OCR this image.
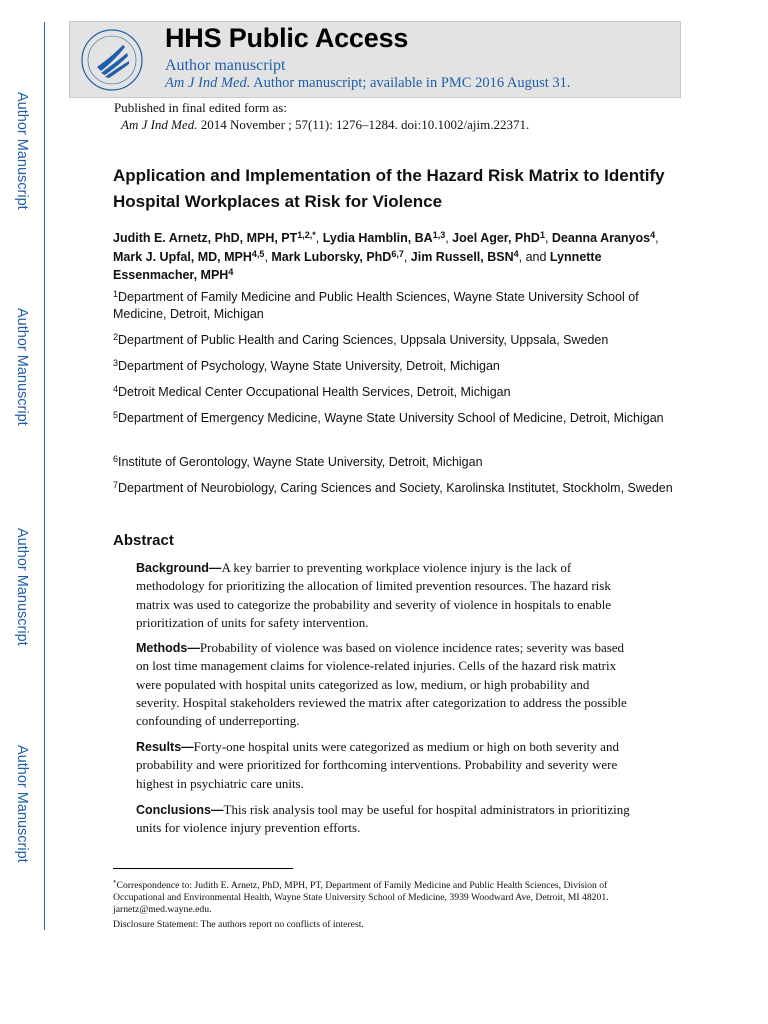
Author Manuscript
Author Manuscript
Author Manuscript
Author Manuscript
HHS Public Access
Author manuscript
Am J Ind Med. Author manuscript; available in PMC 2016 August 31.
Published in final edited form as:
Am J Ind Med. 2014 November ; 57(11): 1276–1284. doi:10.1002/ajim.22371.
Application and Implementation of the Hazard Risk Matrix to Identify Hospital Workplaces at Risk for Violence
Judith E. Arnetz, PhD, MPH, $PT^{1,2,*}$, Lydia Hamblin, BA$^{1,3}$, Joel Ager, PhD$^1$, Deanna Aranyos$^4$, Mark J. Upfal, MD, MPH$^{4,5}$, Mark Luborsky, PhD$^{6,7}$, Jim Russell, BSN$^4$, and Lynnette Essenmacher, MPH$^4$
$^1$Department of Family Medicine and Public Health Sciences, Wayne State University School of Medicine, Detroit, Michigan
$^2$Department of Public Health and Caring Sciences, Uppsala University, Uppsala, Sweden
$^3$Department of Psychology, Wayne State University, Detroit, Michigan
$^4$Detroit Medical Center Occupational Health Services, Detroit, Michigan
$^5$Department of Emergency Medicine, Wayne State University School of Medicine, Detroit, Michigan
$^6$Institute of Gerontology, Wayne State University, Detroit, Michigan
$^7$Department of Neurobiology, Caring Sciences and Society, Karolinska Institutet, Stockholm, Sweden
Abstract
Background—A key barrier to preventing workplace violence injury is the lack of methodology for prioritizing the allocation of limited prevention resources. The hazard risk matrix was used to categorize the probability and severity of violence in hospitals to enable prioritization of units for safety intervention.
Methods—Probability of violence was based on violence incidence rates; severity was based on lost time management claims for violence-related injuries. Cells of the hazard risk matrix were populated with hospital units categorized as low, medium, or high probability and severity. Hospital stakeholders reviewed the matrix after categorization to address the possible confounding of underreporting.
Results—Forty-one hospital units were categorized as medium or high on both severity and probability and were prioritized for forthcoming interventions. Probability and severity were highest in psychiatric care units.
Conclusions—This risk analysis tool may be useful for hospital administrators in prioritizing units for violence injury prevention efforts.
*Correspondence to: Judith E. Arnetz, PhD, MPH, PT, Department of Family Medicine and Public Health Sciences, Division of Occupational and Environmental Health, Wayne State University School of Medicine, 3939 Woodward Ave, Detroit, MI 48201. jarnetz@med.wayne.edu.
Disclosure Statement: The authors report no conflicts of interest.
